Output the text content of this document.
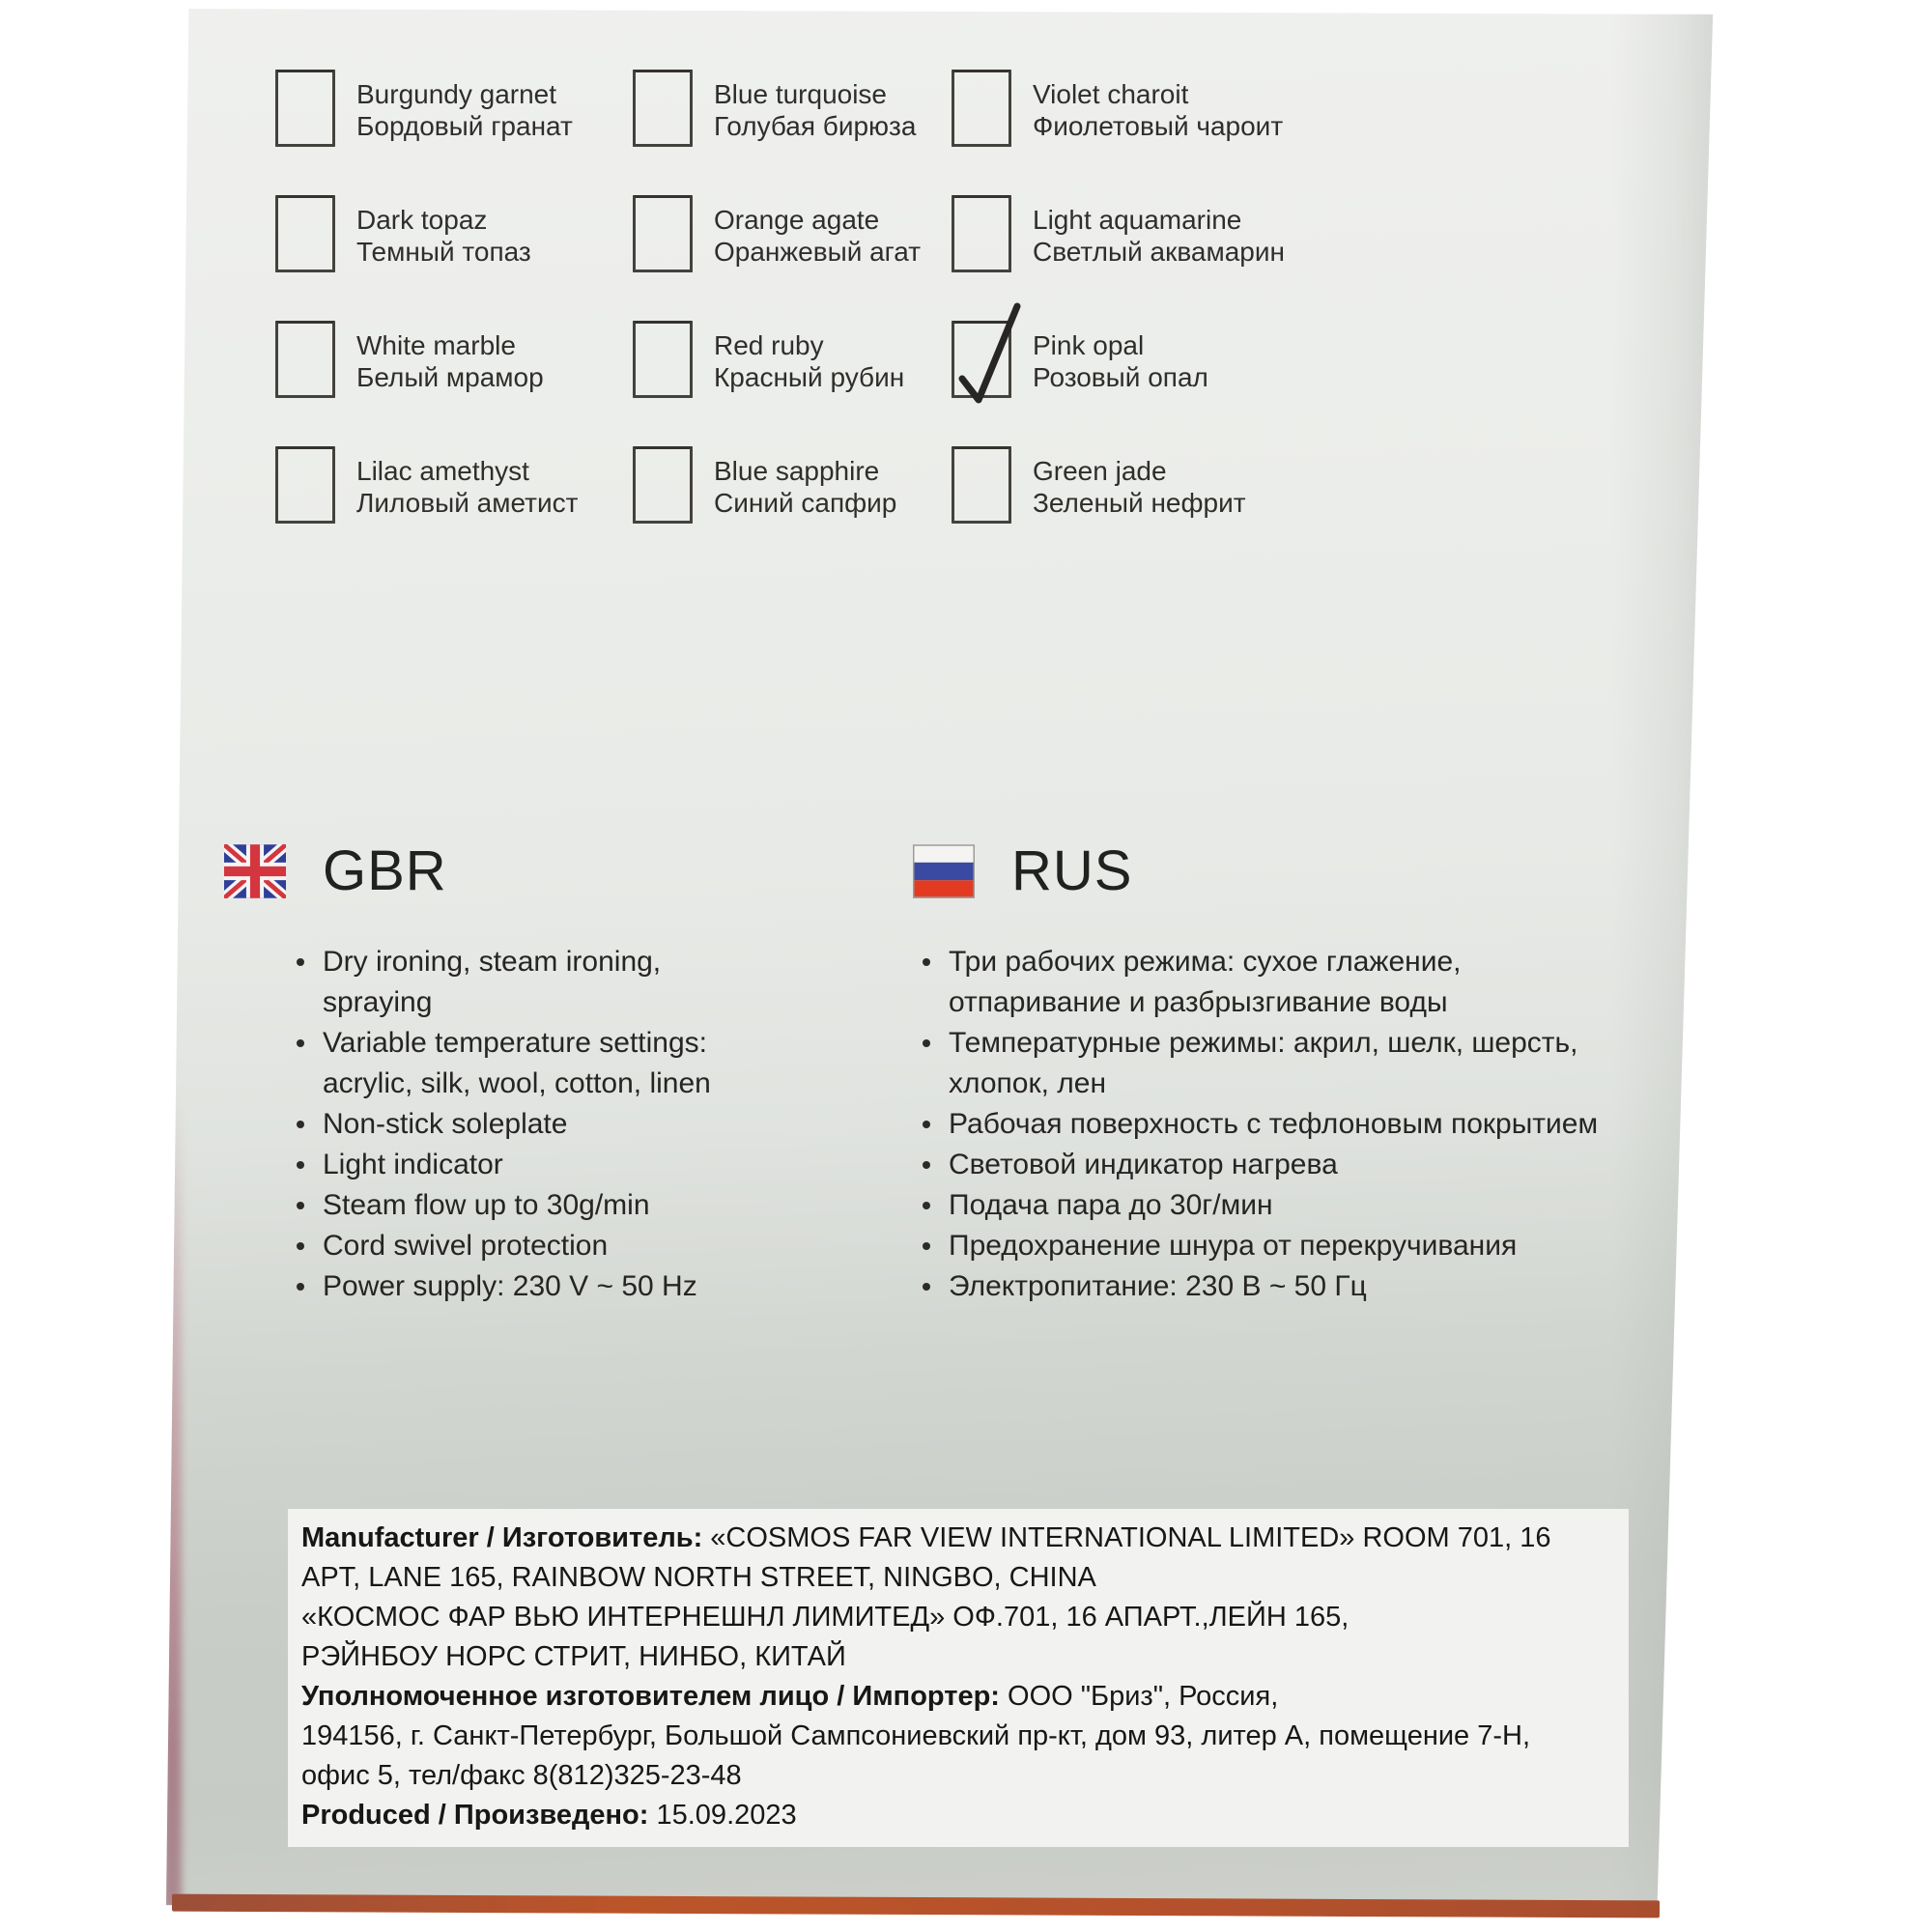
Burgundy garnet
Бордовый гранат
Blue turquoise
Голубая бирюза
Violet charoit
Фиолетовый чароит
Dark topaz
Темный топаз
Orange agate
Оранжевый агат
Light aquamarine
Светлый аквамарин
White marble
Белый мрамор
Red ruby
Красный рубин
Pink opal
Розовый опал
Lilac amethyst
Лиловый аметист
Blue sapphire
Синий сапфир
Green jade
Зеленый нефрит
GBR	RUS
Dry ironing, steam ironing, spraying
Variable temperature settings: acrylic, silk, wool, cotton, linen
Non-stick soleplate
Light indicator
Steam flow up to 30g/min
Cord swivel protection
Power supply: 230 V ~ 50 Hz
Три рабочих режима: сухое глажение, отпаривание и разбрызгивание воды
Температурные режимы: акрил, шелк, шерсть, хлопок, лен
Рабочая поверхность с тефлоновым покрытием
Световой индикатор нагрева
Подача пара до 30г/мин
Предохранение шнура от перекручивания
Электропитание: 230 В ~ 50 Гц
Manufacturer / Изготовитель: «COSMOS FAR VIEW INTERNATIONAL LIMITED» ROOM 701, 16
APT, LANE 165, RAINBOW NORTH STREET, NINGBO, CHINA
«КОСМОС ФАР ВЬЮ ИНТЕРНЕШНЛ ЛИМИТЕД» ОФ.701, 16 АПАРТ.,ЛЕЙН 165,
РЭЙНБОУ НОРС СТРИТ, НИНБО, КИТАЙ
Уполномоченное изготовителем лицо / Импортер: ООО "Бриз", Россия,
194156, г. Санкт-Петербург, Большой Сампсониевский пр-кт, дом 93, литер А, помещение 7-Н,
офис 5, тел/факс 8(812)325-23-48
Produced / Произведено: 15.09.2023
